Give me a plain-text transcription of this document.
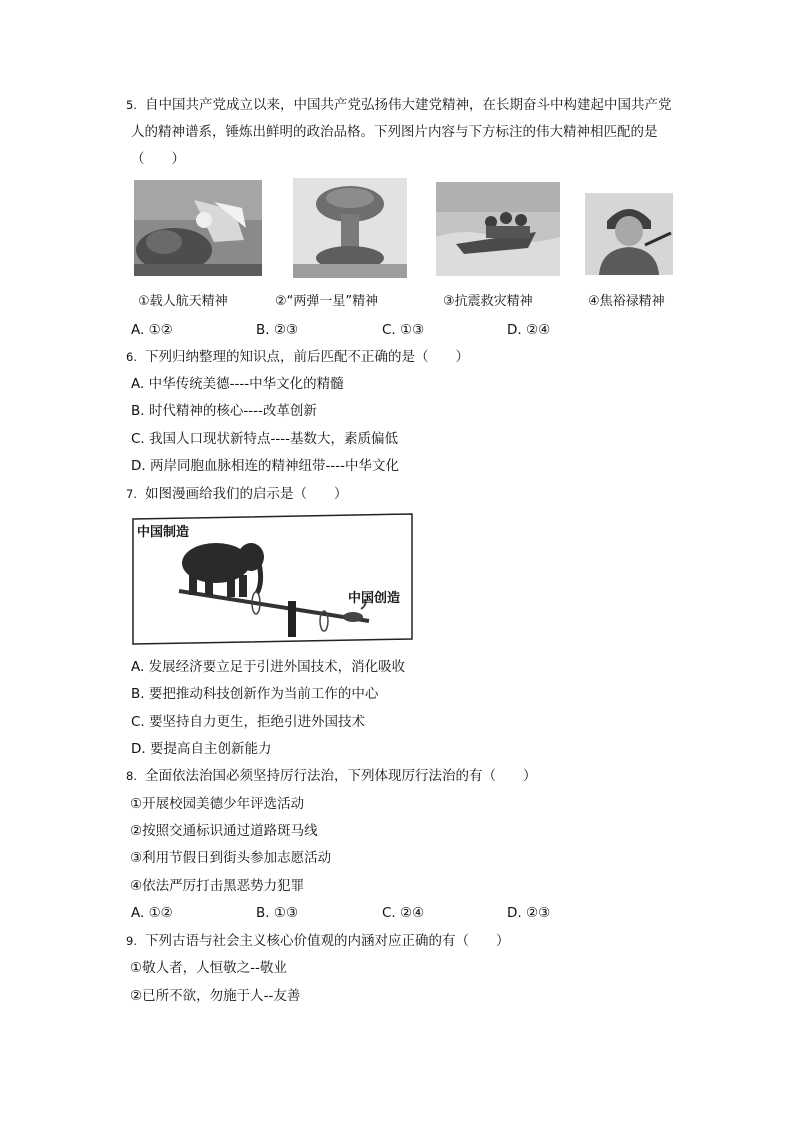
5. 自中国共产党成立以来，中国共产党弘扬伟大建党精神，在长期奋斗中构建起中国共产党
人的精神谱系，锤炼出鲜明的政治品格。下列图片内容与下方标注的伟大精神相匹配的是
（　　）
①载人航天精神	②“两弹一星”精神	③抗震救灾精神	④焦裕禄精神
A. ①②	B. ②③	C. ①③	D. ②④
6. 下列归纳整理的知识点，前后匹配不正确的是（　　）
A. 中华传统美德----中华文化的精髓
B. 时代精神的核心----改革创新
C. 我国人口现状新特点----基数大，素质偏低
D. 两岸同胞血脉相连的精神纽带----中华文化
7. 如图漫画给我们的启示是（　　）
中国制造
中国创造
A. 发展经济要立足于引进外国技术，消化吸收
B. 要把推动科技创新作为当前工作的中心
C. 要坚持自力更生，拒绝引进外国技术
D. 要提高自主创新能力
8. 全面依法治国必须坚持厉行法治，下列体现厉行法治的有（　　）
①开展校园美德少年评选活动
②按照交通标识通过道路斑马线
③利用节假日到街头参加志愿活动
④依法严厉打击黑恶势力犯罪
A. ①②	B. ①③	C. ②④	D. ②③
9. 下列古语与社会主义核心价值观的内涵对应正确的有（　　）
①敬人者，人恒敬之--敬业
②已所不欲，勿施于人--友善
